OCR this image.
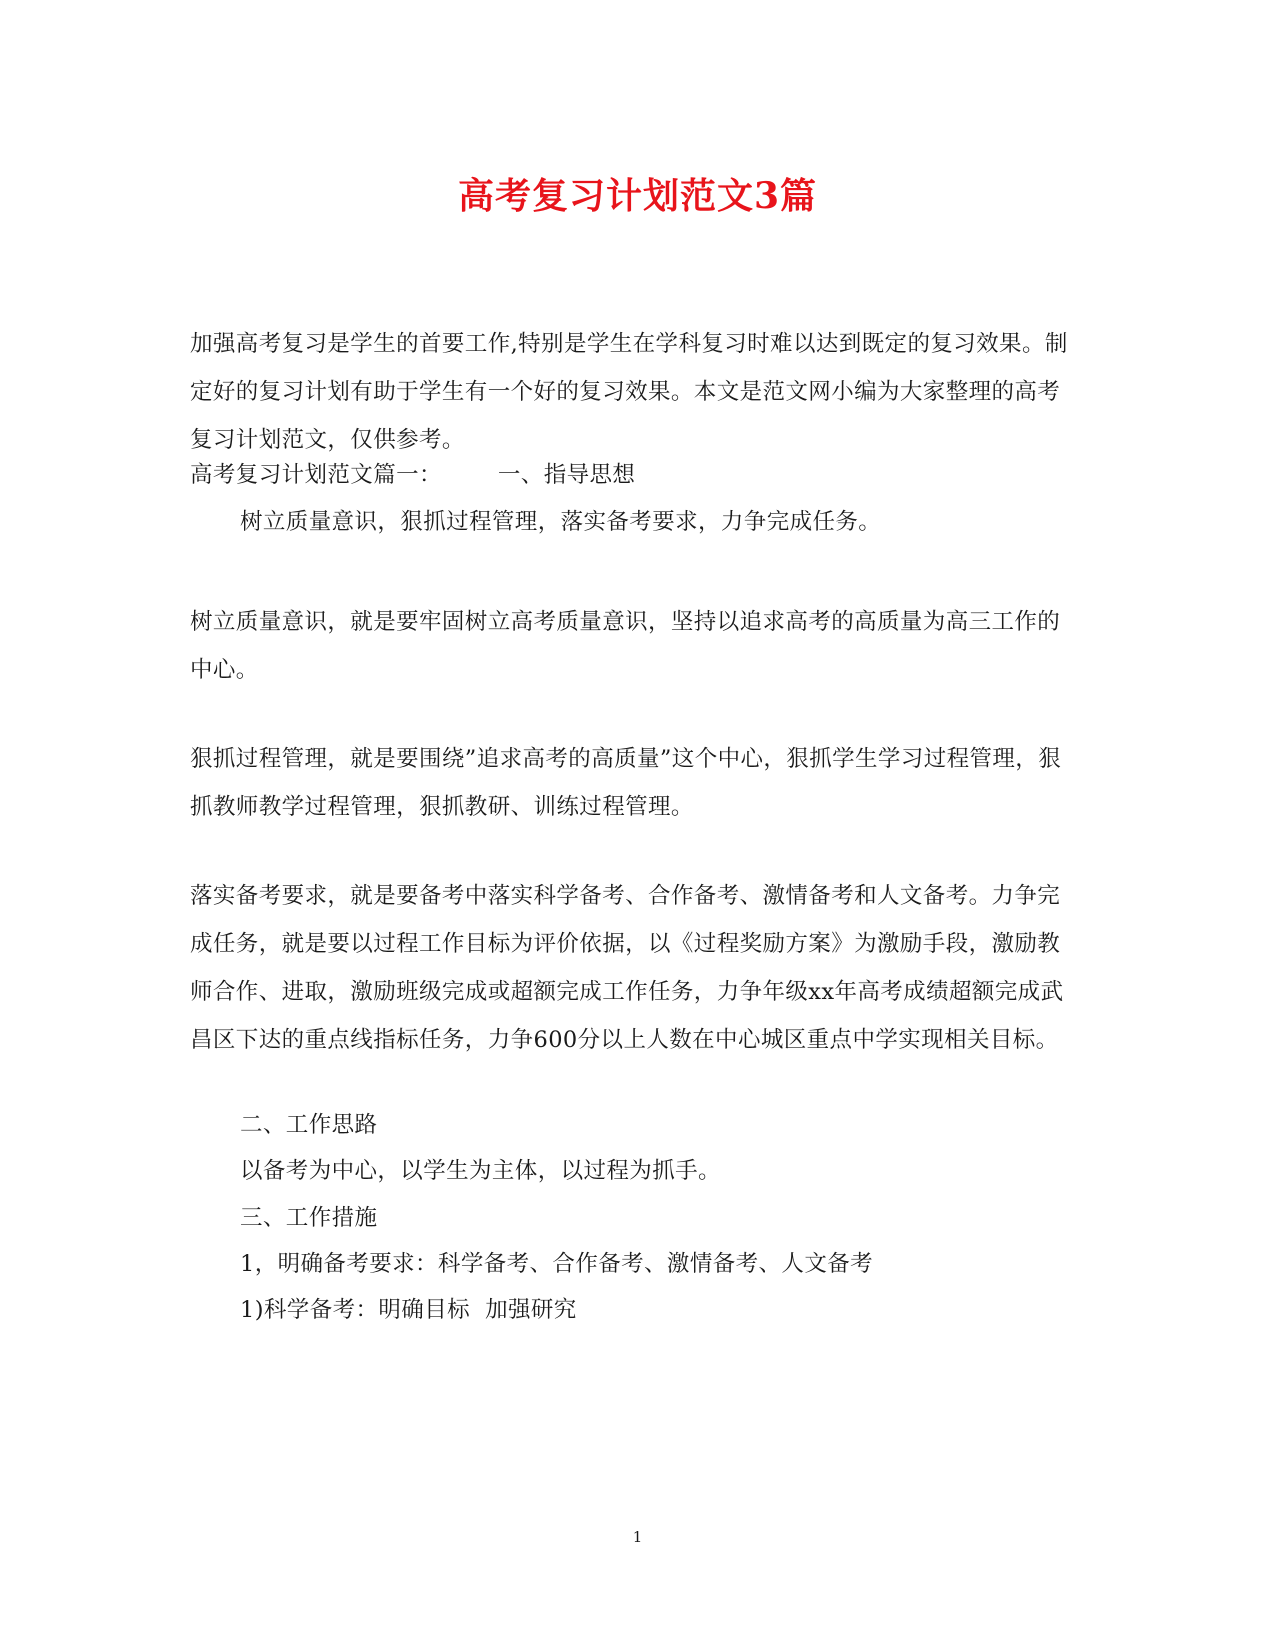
高考复习计划范文3篇
加强高考复习是学生的首要工作,特别是学生在学科复习时难以达到既定的复习效果。制定好的复习计划有助于学生有一个好的复习效果。本文是范文网小编为大家整理的高考复习计划范文，仅供参考。
高考复习计划范文篇一： 一、指导思想
树立质量意识，狠抓过程管理，落实备考要求，力争完成任务。
树立质量意识，就是要牢固树立高考质量意识，坚持以追求高考的高质量为高三工作的中心。
狠抓过程管理，就是要围绕”追求高考的高质量”这个中心，狠抓学生学习过程管理，狠抓教师教学过程管理，狠抓教研、训练过程管理。
落实备考要求，就是要备考中落实科学备考、合作备考、激情备考和人文备考。力争完成任务，就是要以过程工作目标为评价依据，以《过程奖励方案》为激励手段，激励教师合作、进取，激励班级完成或超额完成工作任务，力争年级xx年高考成绩超额完成武昌区下达的重点线指标任务，力争600分以上人数在中心城区重点中学实现相关目标。
二、工作思路
以备考为中心，以学生为主体，以过程为抓手。
三、工作措施
1，明确备考要求：科学备考、合作备考、激情备考、人文备考
1)科学备考：明确目标  加强研究
1
